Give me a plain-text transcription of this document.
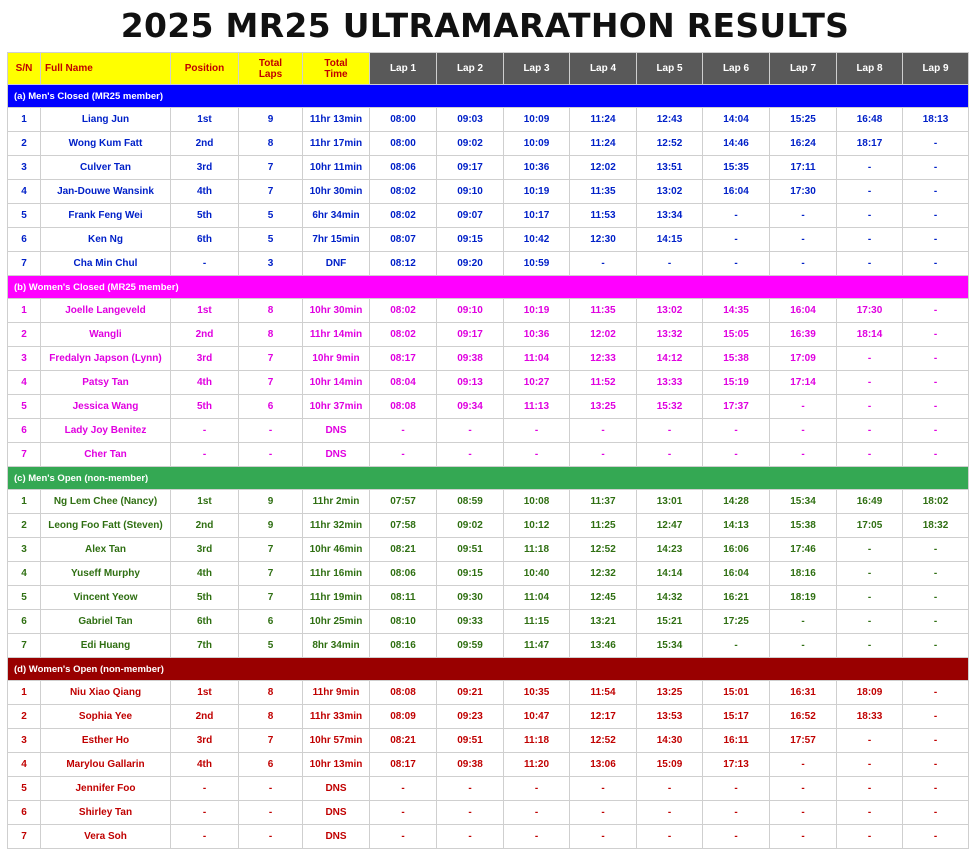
2025 MR25 ULTRAMARATHON RESULTS
S/N	Full Name	Position	Total Laps	Total Time	Lap 1	Lap 2	Lap 3	Lap 4	Lap 5	Lap 6	Lap 7	Lap 8	Lap 9
(a) Men's Closed (MR25 member)													
1	Liang Jun	1st	9	11hr 13min	08:00	09:03	10:09	11:24	12:43	14:04	15:25	16:48	18:13
2	Wong Kum Fatt	2nd	8	11hr 17min	08:00	09:02	10:09	11:24	12:52	14:46	16:24	18:17	-
3	Culver Tan	3rd	7	10hr 11min	08:06	09:17	10:36	12:02	13:51	15:35	17:11	-	-
4	Jan-Douwe Wansink	4th	7	10hr 30min	08:02	09:10	10:19	11:35	13:02	16:04	17:30	-	-
5	Frank Feng Wei	5th	5	6hr 34min	08:02	09:07	10:17	11:53	13:34	-	-	-	-
6	Ken Ng	6th	5	7hr 15min	08:07	09:15	10:42	12:30	14:15	-	-	-	-
7	Cha Min Chul	-	3	DNF	08:12	09:20	10:59	-	-	-	-	-	-
(b) Women's Closed (MR25 member)													
1	Joelle Langeveld	1st	8	10hr 30min	08:02	09:10	10:19	11:35	13:02	14:35	16:04	17:30	-
2	Wangli	2nd	8	11hr 14min	08:02	09:17	10:36	12:02	13:32	15:05	16:39	18:14	-
3	Fredalyn Japson (Lynn)	3rd	7	10hr 9min	08:17	09:38	11:04	12:33	14:12	15:38	17:09	-	-
4	Patsy Tan	4th	7	10hr 14min	08:04	09:13	10:27	11:52	13:33	15:19	17:14	-	-
5	Jessica Wang	5th	6	10hr 37min	08:08	09:34	11:13	13:25	15:32	17:37	-	-	-
6	Lady Joy Benitez	-	-	DNS	-	-	-	-	-	-	-	-	-
7	Cher Tan	-	-	DNS	-	-	-	-	-	-	-	-	-
(c) Men's Open (non-member)													
1	Ng Lem Chee (Nancy)	1st	9	11hr 2min	07:57	08:59	10:08	11:37	13:01	14:28	15:34	16:49	18:02
2	Leong Foo Fatt (Steven)	2nd	9	11hr 32min	07:58	09:02	10:12	11:25	12:47	14:13	15:38	17:05	18:32
3	Alex Tan	3rd	7	10hr 46min	08:21	09:51	11:18	12:52	14:23	16:06	17:46	-	-
4	Yuseff Murphy	4th	7	11hr 16min	08:06	09:15	10:40	12:32	14:14	16:04	18:16	-	-
5	Vincent Yeow	5th	7	11hr 19min	08:11	09:30	11:04	12:45	14:32	16:21	18:19	-	-
6	Gabriel Tan	6th	6	10hr 25min	08:10	09:33	11:15	13:21	15:21	17:25	-	-	-
7	Edi Huang	7th	5	8hr 34min	08:16	09:59	11:47	13:46	15:34	-	-	-	-
(d) Women's Open (non-member)													
1	Niu Xiao Qiang	1st	8	11hr 9min	08:08	09:21	10:35	11:54	13:25	15:01	16:31	18:09	-
2	Sophia Yee	2nd	8	11hr 33min	08:09	09:23	10:47	12:17	13:53	15:17	16:52	18:33	-
3	Esther Ho	3rd	7	10hr 57min	08:21	09:51	11:18	12:52	14:30	16:11	17:57	-	-
4	Marylou Gallarin	4th	6	10hr 13min	08:17	09:38	11:20	13:06	15:09	17:13	-	-	-
5	Jennifer Foo	-	-	DNS	-	-	-	-	-	-	-	-	-
6	Shirley Tan	-	-	DNS	-	-	-	-	-	-	-	-	-
7	Vera Soh	-	-	DNS	-	-	-	-	-	-	-	-	-
